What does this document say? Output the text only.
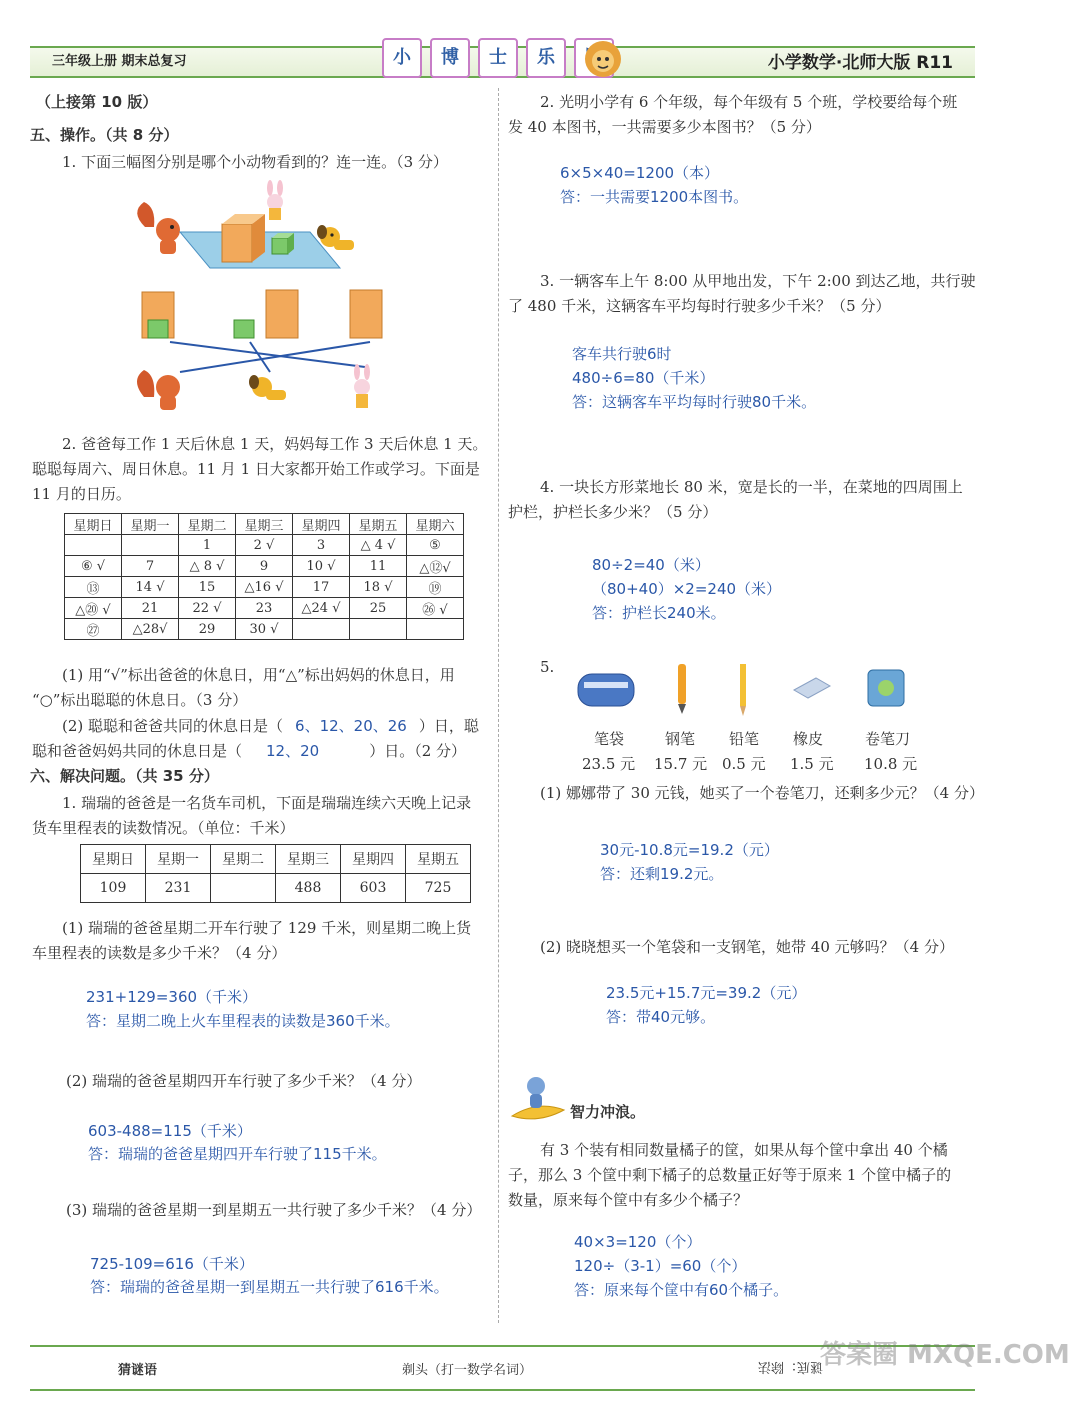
三年级上册 期末总复习	小	博	士	乐	小学数学·北师大版 R11
（上接第 10 版）
五、操作。（共 8 分）
1. 下面三幅图分别是哪个小动物看到的？连一连。（3 分）
2. 爸爸每工作 1 天后休息 1 天，妈妈每工作 3 天后休息 1 天。
聪聪每周六、周日休息。11 月 1 日大家都开始工作或学习。下面是
11 月的日历。
星期日	星期一	星期二	星期三	星期四	星期五	星期六
		1	2 √	3	△ 4 √	⑤
⑥ √	7	△ 8 √	9	10 √	11	△⑫√
⑬	14 √	15	△16 √	17	18 √	⑲
△⑳ √	21	22 √	23	△24 √	25	㉖ √
㉗	△28√	29	30 √			
(1) 用“√”标出爸爸的休息日，用“△”标出妈妈的休息日，用
“○”标出聪聪的休息日。（3 分）
(2) 聪聪和爸爸共同的休息日是（ 6、12、20、26 ）日，聪
聪和爸爸妈妈共同的休息日是（ 12、20	）日。（2 分）
六、解决问题。（共 35 分）
1. 瑞瑞的爸爸是一名货车司机，下面是瑞瑞连续六天晚上记录
货车里程表的读数情况。（单位：千米）
星期日	星期一	星期二	星期三	星期四	星期五
109	231		488	603	725
(1) 瑞瑞的爸爸星期二开车行驶了 129 千米，则星期二晚上货
车里程表的读数是多少千米？（4 分）
231+129=360（千米）
答：星期二晚上火车里程表的读数是360千米。
(2) 瑞瑞的爸爸星期四开车行驶了多少千米？（4 分）
603-488=115（千米）
答：瑞瑞的爸爸星期四开车行驶了115千米。
(3) 瑞瑞的爸爸星期一到星期五一共行驶了多少千米？（4 分）
725-109=616（千米）
答：瑞瑞的爸爸星期一到星期五一共行驶了616千米。
2. 光明小学有 6 个年级，每个年级有 5 个班，学校要给每个班
发 40 本图书，一共需要多少本图书？（5 分）
6×5×40=1200（本）
答：一共需要1200本图书。
3. 一辆客车上午 8:00 从甲地出发，下午 2:00 到达乙地，共行驶
了 480 千米，这辆客车平均每时行驶多少千米？（5 分）
客车共行驶6时
480÷6=80（千米）
答：这辆客车平均每时行驶80千米。
4. 一块长方形菜地长 80 米，宽是长的一半，在菜地的四周围上
护栏，护栏长多少米？（5 分）
80÷2=40（米）
（80+40）×2=240（米）
答：护栏长240米。
5.
笔袋	钢笔 铅笔 橡皮	卷笔刀
23.5 元 15.7 元 0.5 元 1.5 元 10.8 元
(1) 娜娜带了 30 元钱，她买了一个卷笔刀，还剩多少元？（4 分）
30元-10.8元=19.2（元）
答：还剩19.2元。
(2) 晓晓想买一个笔袋和一支钢笔，她带 40 元够吗？（4 分）
23.5元+15.7元=39.2（元）
答：带40元够。
智力冲浪。
有 3 个装有相同数量橘子的筐，如果从每个筐中拿出 40 个橘
子，那么 3 个筐中剩下橘子的总数量正好等于原来 1 个筐中橘子的
数量，原来每个筐中有多少个橘子？
40×3=120（个）
120÷（3-1）=60（个）
答：原来每个筐中有60个橘子。
猜谜语	剃头（打一数学名词）	谜底：除法
答案圈 MXQE.COM
